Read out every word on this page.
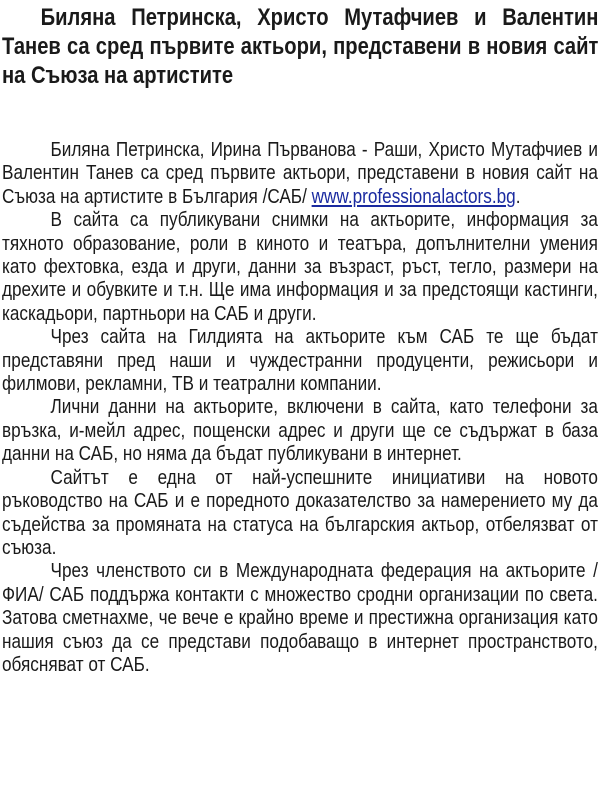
Биляна Петринска, Христо Мутафчиев и Валентин Танев са сред първите актьори, представени в новия сайт на Съюза на артистите

Биляна Петринска, Ирина Първанова - Раши, Христо Мутафчиев и Валентин Танев са сред първите актьори, представени в новия сайт на Съюза на артистите в България /САБ/ www.professionalactors.bg.

В сайта са публикувани снимки на актьорите, информация за тяхното образование, роли в киното и театъра, допълнителни умения като фехтовка, езда и други, данни за възраст, ръст, тегло, размери на дрехите и обувките и т.н. Ще има информация и за предстоящи кастинги, каскадьори, партньори на САБ и други.

Чрез сайта на Гилдията на актьорите към САБ те ще бъдат представяни пред наши и чуждестранни продуценти, режисьори и филмови, рекламни, ТВ и театрални компании.

Лични данни на актьорите, включени в сайта, като телефони за връзка, и-мейл адрес, пощенски адрес и други ще се съдържат в база данни на САБ, но няма да бъдат публикувани в интернет.

Сайтът е една от най-успешните инициативи на новото ръководство на САБ и е поредното доказателство за намерението му да съдейства за промяната на статуса на българския актьор, отбелязват от съюза.

Чрез членството си в Международната федерация на актьорите /ФИА/ САБ поддържа контакти с множество сродни организации по света. Затова сметнахме, че вече е крайно време и престижна организация като нашия съюз да се представи подобаващо в интернет пространството, обясняват от САБ.
